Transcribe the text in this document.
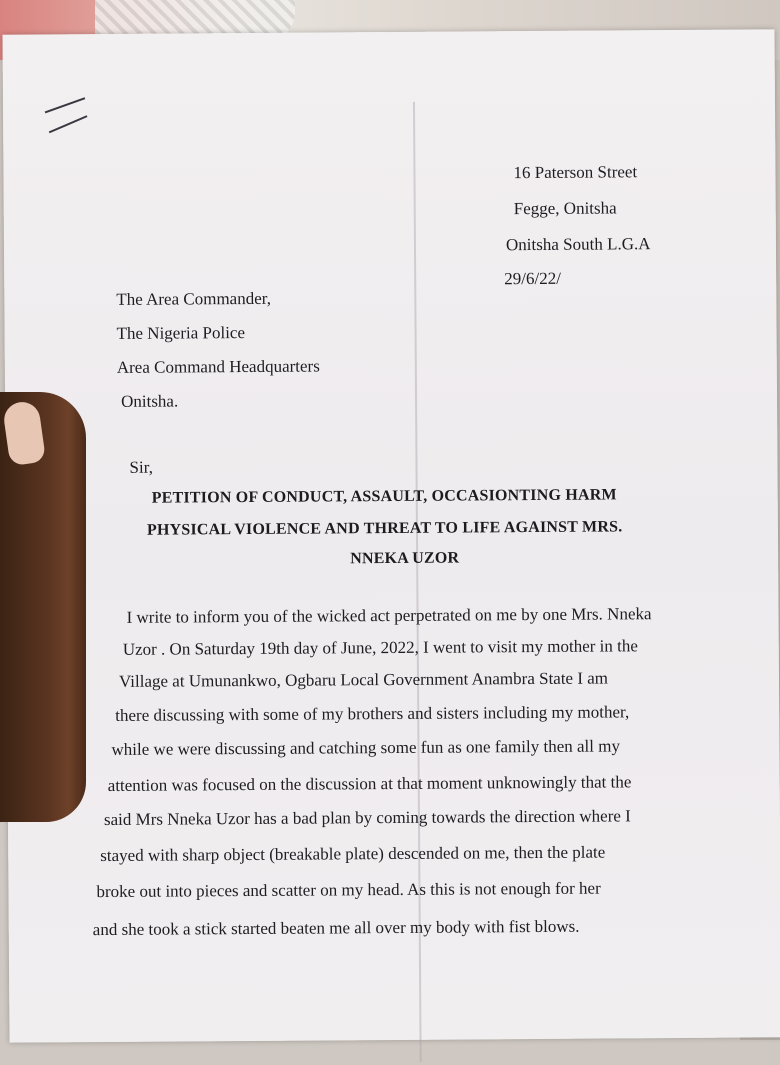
16 Paterson Street

Fegge, Onitsha

Onitsha South L.G.A

29/6/22/

The Area Commander,

The Nigeria Police

Area Command Headquarters

Onitsha.

Sir,

PETITION OF CONDUCT, ASSAULT, OCCASIONTING HARM

PHYSICAL VIOLENCE AND THREAT TO LIFE AGAINST MRS.

NNEKA UZOR

I write to inform you of the wicked act perpetrated on me by one Mrs. Nneka

Uzor . On Saturday 19th day of June, 2022, I went to visit my mother in the

Village at Umunankwo, Ogbaru Local Government Anambra State I am

there discussing with some of my brothers and sisters including my mother,

while we were discussing and catching some fun as one family then all my

attention was focused on the discussion at that moment unknowingly that the

said Mrs Nneka Uzor has a bad plan by coming towards the direction where I

stayed with sharp object (breakable plate) descended on me, then the plate

broke out into pieces and scatter on my head. As this is not enough for her

and she took a stick started beaten me all over my body with fist blows.
